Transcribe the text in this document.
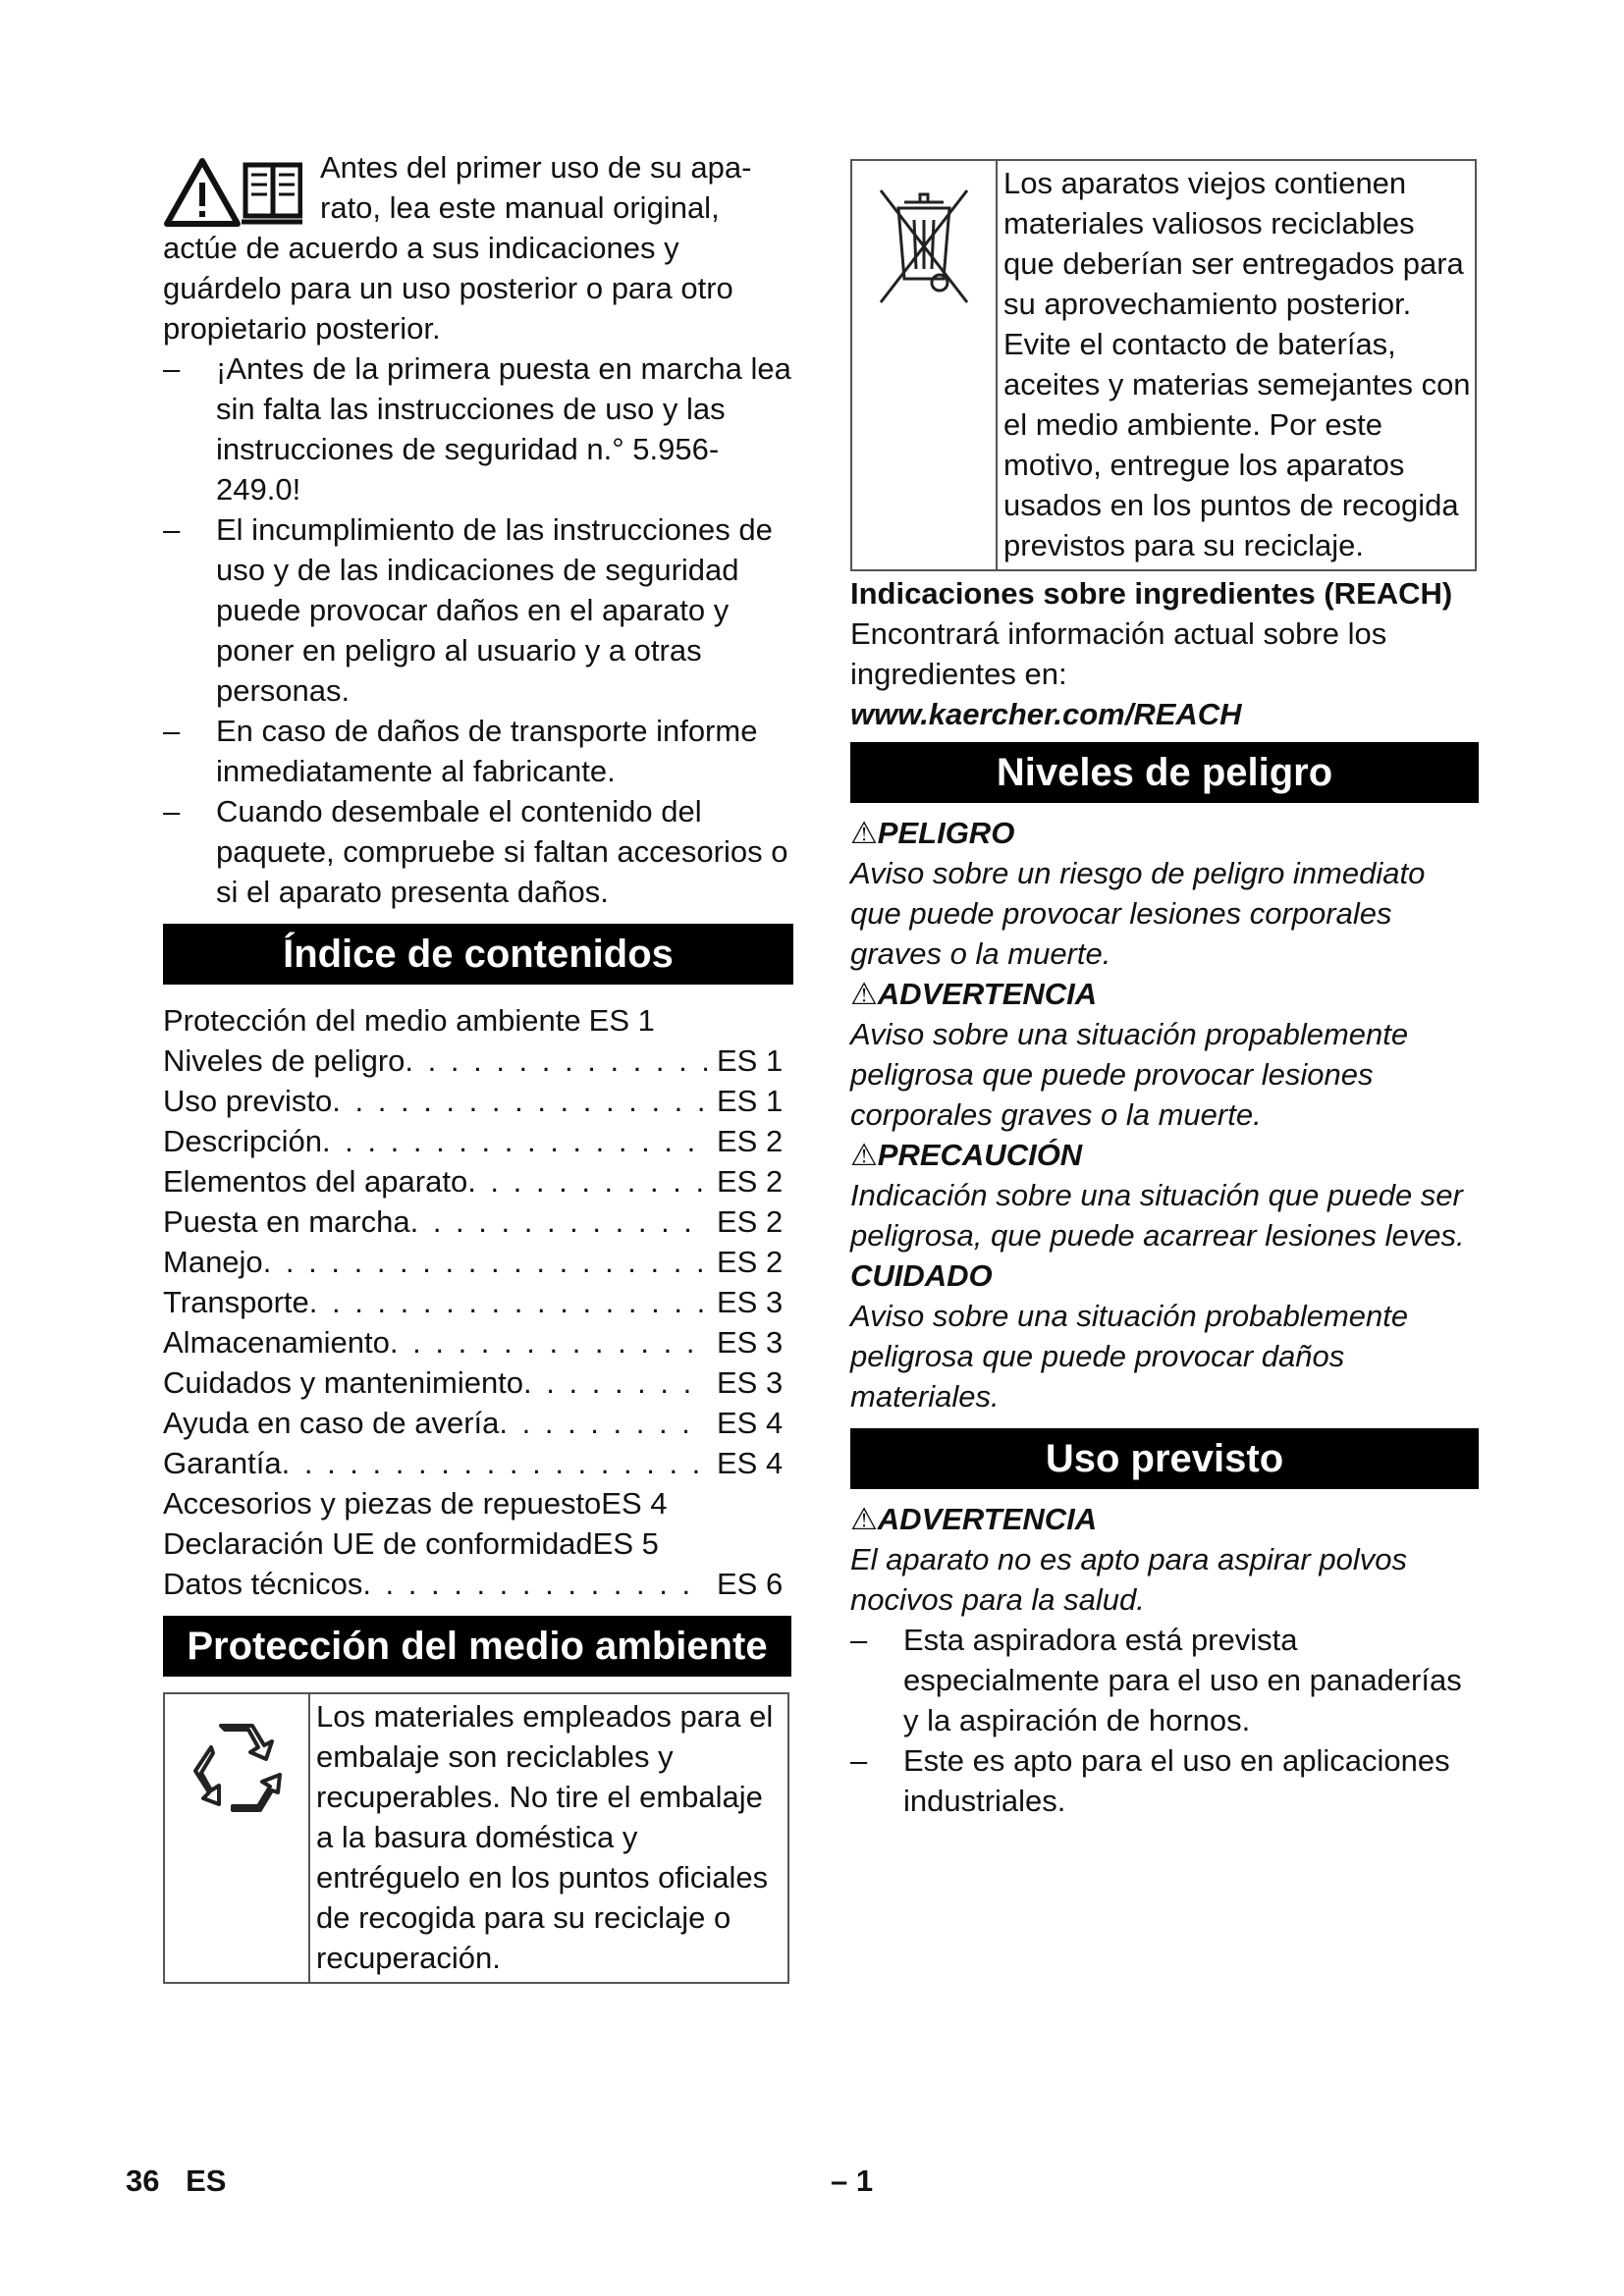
Antes del primer uso de su apa-

rato, lea este manual original,

actúe de acuerdo a sus indicaciones y guárdelo para un uso posterior o para otro propietario posterior.

– ¡Antes de la primera puesta en marcha lea sin falta las instrucciones de uso y las instrucciones de seguridad n.° 5.956-249.0!
– El incumplimiento de las instrucciones de uso y de las indicaciones de seguridad puede provocar daños en el aparato y poner en peligro al usuario y a otras personas.
– En caso de daños de transporte informe inmediatamente al fabricante.
– Cuando desembale el contenido del paquete, compruebe si faltan accesorios o si el aparato presenta daños.
Índice de contenidos
Protección del medio ambiente ES 1
Niveles de peligro . . .	ES 1
Uso previsto . . .	ES 1
Descripción . . .	ES 2
Elementos del aparato . . .	ES 2
Puesta en marcha . . .	ES 2
Manejo . . .	ES 2
Transporte . . .	ES 3
Almacenamiento . . .	ES 3
Cuidados y mantenimiento . . .	ES 3
Ayuda en caso de avería . . .	ES 4
Garantía . . .	ES 4
Accesorios y piezas de repuesto ES 4
Declaración UE de conformidad ES 5
Datos técnicos . . .	ES 6
Protección del medio ambiente
Los materiales empleados para el embalaje son reciclables y recuperables. No tire el embalaje a la basura doméstica y entréguelo en los puntos oficiales de recogida para su reciclaje o recuperación.
Los aparatos viejos contienen materiales valiosos reciclables que deberían ser entregados para su aprovechamiento posterior. Evite el contacto de baterías, aceites y materias semejantes con el medio ambiente. Por este motivo, entregue los aparatos usados en los puntos de recogida previstos para su reciclaje.

Indicaciones sobre ingredientes (REACH)

Encontrará información actual sobre los ingredientes en:

www.kaercher.com/REACH

Niveles de peligro

⚠PELIGRO

Aviso sobre un riesgo de peligro inmediato que puede provocar lesiones corporales graves o la muerte.

⚠ADVERTENCIA

Aviso sobre una situación propablemente peligrosa que puede provocar lesiones corporales graves o la muerte.

⚠PRECAUCIÓN

Indicación sobre una situación que puede ser peligrosa, que puede acarrear lesiones leves.

CUIDADO

Aviso sobre una situación probablemente peligrosa que puede provocar daños materiales.

Uso previsto

⚠ADVERTENCIA

El aparato no es apto para aspirar polvos nocivos para la salud.

– Esta aspiradora está prevista especialmente para el uso en panaderías y la aspiración de hornos.
– Este es apto para el uso en aplicaciones industriales.
36 ES	– 1
